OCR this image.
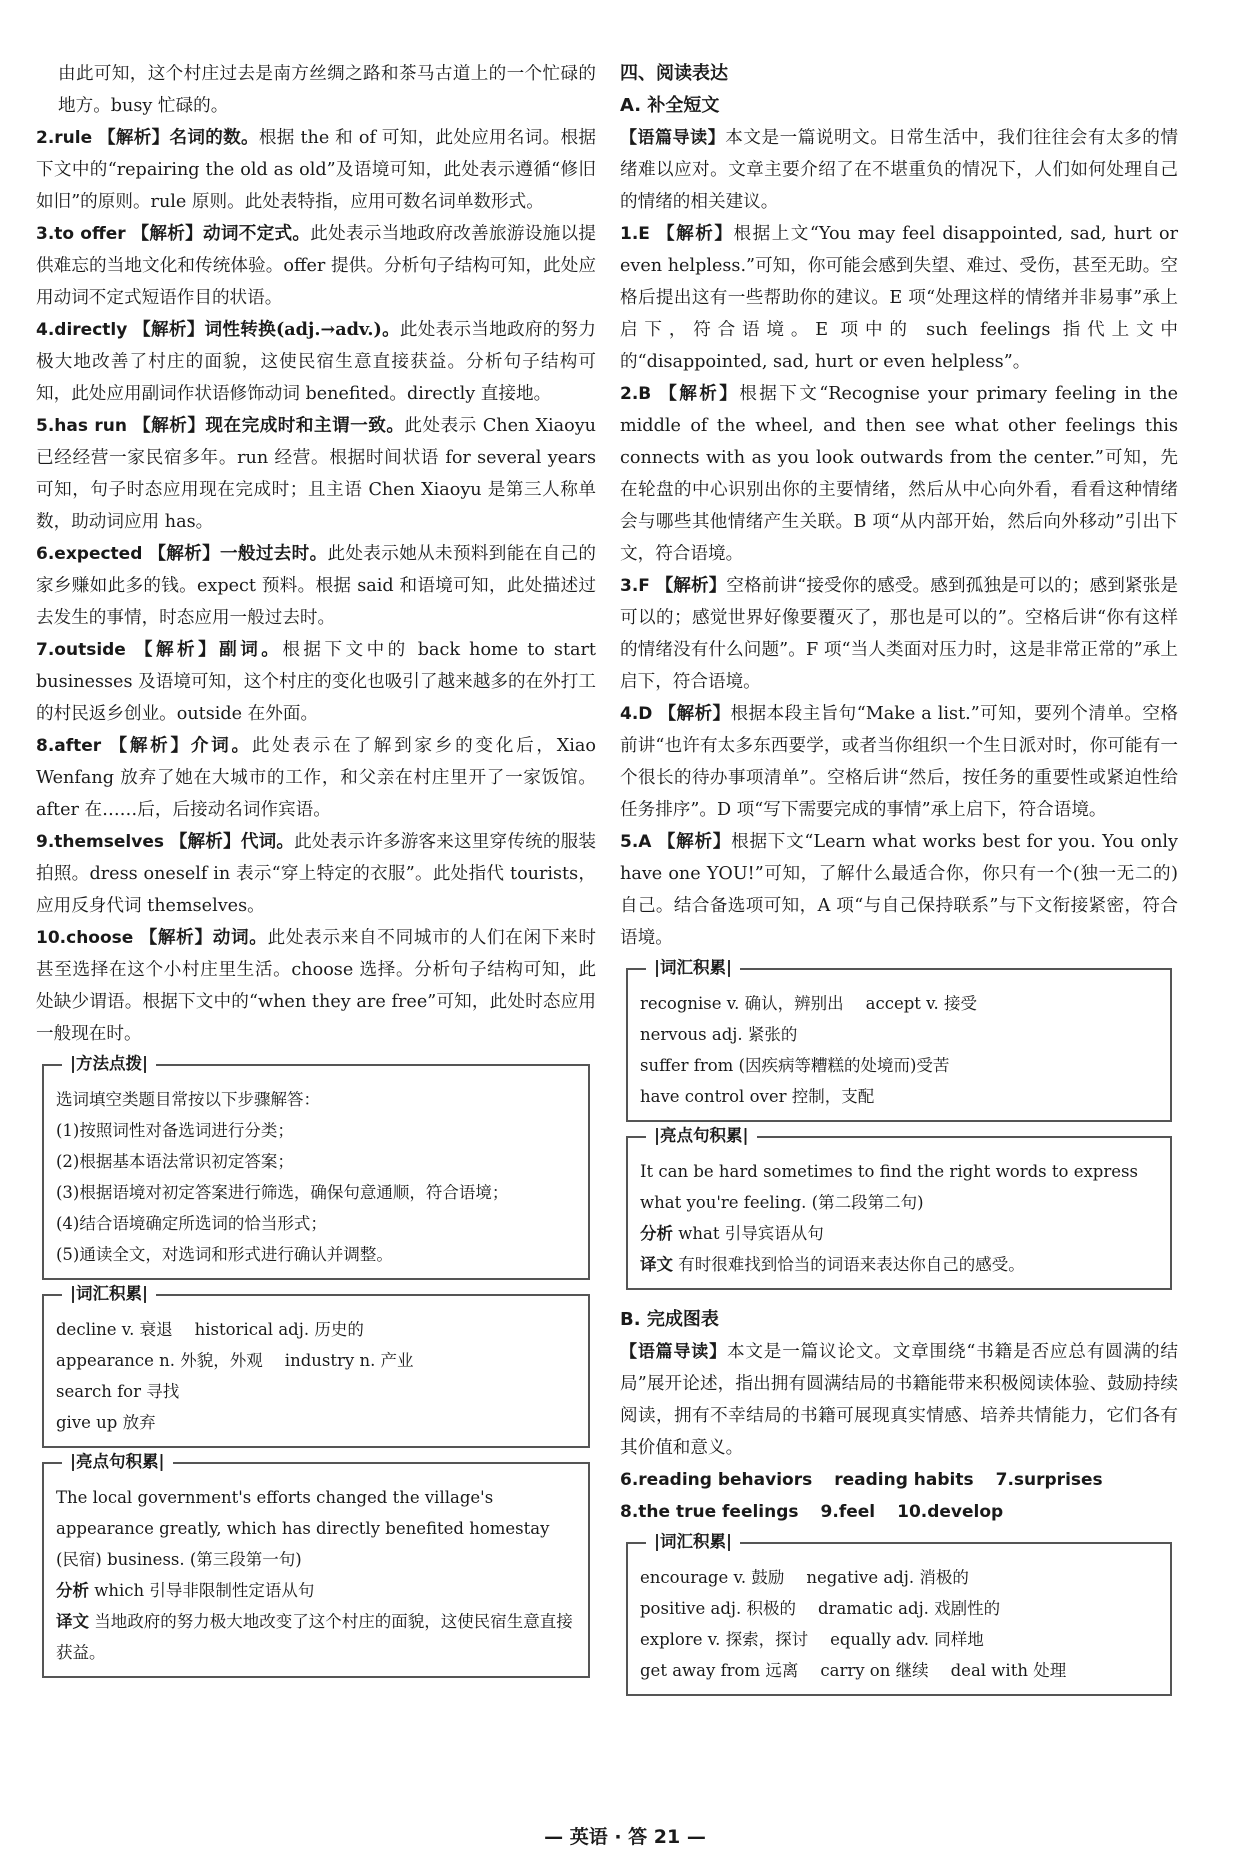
由此可知，这个村庄过去是南方丝绸之路和茶马古道上的一个忙碌的地方。busy 忙碌的。

2.rule 【解析】名词的数。根据 the 和 of 可知，此处应用名词。根据下文中的“repairing the old as old”及语境可知，此处表示遵循“修旧如旧”的原则。rule 原则。此处表特指，应用可数名词单数形式。

3.to offer 【解析】动词不定式。此处表示当地政府改善旅游设施以提供难忘的当地文化和传统体验。offer 提供。分析句子结构可知，此处应用动词不定式短语作目的状语。

4.directly 【解析】词性转换(adj.→adv.)。此处表示当地政府的努力极大地改善了村庄的面貌，这使民宿生意直接获益。分析句子结构可知，此处应用副词作状语修饰动词 benefited。directly 直接地。

5.has run 【解析】现在完成时和主谓一致。此处表示 Chen Xiaoyu 已经经营一家民宿多年。run 经营。根据时间状语 for several years 可知，句子时态应用现在完成时；且主语 Chen Xiaoyu 是第三人称单数，助动词应用 has。

6.expected 【解析】一般过去时。此处表示她从未预料到能在自己的家乡赚如此多的钱。expect 预料。根据 said 和语境可知，此处描述过去发生的事情，时态应用一般过去时。

7.outside 【解析】副词。根据下文中的 back home to start businesses 及语境可知，这个村庄的变化也吸引了越来越多的在外打工的村民返乡创业。outside 在外面。

8.after 【解析】介词。此处表示在了解到家乡的变化后，Xiao Wenfang 放弃了她在大城市的工作，和父亲在村庄里开了一家饭馆。after 在……后，后接动名词作宾语。

9.themselves 【解析】代词。此处表示许多游客来这里穿传统的服装拍照。dress oneself in 表示“穿上特定的衣服”。此处指代 tourists，应用反身代词 themselves。

10.choose 【解析】动词。此处表示来自不同城市的人们在闲下来时甚至选择在这个小村庄里生活。choose 选择。分析句子结构可知，此处缺少谓语。根据下文中的“when they are free”可知，此处时态应用一般现在时。

| 方法点拨 |

选词填空类题目常按以下步骤解答：

(1)按照词性对备选词进行分类；

(2)根据基本语法常识初定答案；

(3)根据语境对初定答案进行筛选，确保句意通顺，符合语境；

(4)结合语境确定所选词的恰当形式；

(5)通读全文，对选词和形式进行确认并调整。

| 词汇积累 |

decline v. 衰退 historical adj. 历史的

appearance n. 外貌，外观 industry n. 产业search for 寻找

give up 放弃

| 亮点句积累 |

The local government's efforts changed the village's appearance greatly, which has directly benefited homestay (民宿) business. (第三段第一句)

分析 which 引导非限制性定语从句

译文 当地政府的努力极大地改变了这个村庄的面貌，这使民宿生意直接获益。

四、阅读表达

A. 补全短文

【语篇导读】本文是一篇说明文。日常生活中，我们往往会有太多的情绪难以应对。文章主要介绍了在不堪重负的情况下，人们如何处理自己的情绪的相关建议。

1.E 【解析】根据上文“You may feel disappointed, sad, hurt or even helpless.”可知，你可能会感到失望、难过、受伤，甚至无助。空格后提出这有一些帮助你的建议。E 项“处理这样的情绪并非易事”承上启下，符合语境。E 项中的 such feelings 指代上文中的“disappointed, sad, hurt or even helpless”。

2.B 【解析】根据下文“Recognise your primary feeling in the middle of the wheel, and then see what other feelings this connects with as you look outwards from the center.”可知，先在轮盘的中心识别出你的主要情绪，然后从中心向外看，看看这种情绪会与哪些其他情绪产生关联。B 项“从内部开始，然后向外移动”引出下文，符合语境。

3.F 【解析】空格前讲“接受你的感受。感到孤独是可以的；感到紧张是可以的；感觉世界好像要覆灭了，那也是可以的”。空格后讲“你有这样的情绪没有什么问题”。F 项“当人类面对压力时，这是非常正常的”承上启下，符合语境。

4.D 【解析】根据本段主旨句“Make a list.”可知，要列个清单。空格前讲“也许有太多东西要学，或者当你组织一个生日派对时，你可能有一个很长的待办事项清单”。空格后讲“然后，按任务的重要性或紧迫性给任务排序”。D 项“写下需要完成的事情”承上启下，符合语境。

5.A 【解析】根据下文“Learn what works best for you. You only have one YOU!”可知，了解什么最适合你，你只有一个(独一无二的)自己。结合备选项可知，A 项“与自己保持联系”与下文衔接紧密，符合语境。

| 词汇积累 |

recognise v. 确认，辨别出 accept v. 接受nervous adj. 紧张的

suffer from (因疾病等糟糕的处境而)受苦

have control over 控制，支配

| 亮点句积累 |

It can be hard sometimes to find the right words to express what you're feeling. (第二段第二句)

分析 what 引导宾语从句

译文 有时很难找到恰当的词语来表达你自己的感受。

B. 完成图表

【语篇导读】本文是一篇议论文。文章围绕“书籍是否应总有圆满的结局”展开论述，指出拥有圆满结局的书籍能带来积极阅读体验、鼓励持续阅读，拥有不幸结局的书籍可展现真实情感、培养共情能力，它们各有其价值和意义。

6.reading behaviors reading habits 7.surprises

8.the true feelings 9.feel 10.develop

| 词汇积累 |

encourage v. 鼓励 negative adj. 消极的

positive adj. 积极的 dramatic adj. 戏剧性的

explore v. 探索，探讨 equally adv. 同样地

get away from 远离 carry on 继续 deal with 处理

— 英语 · 答 21 —
